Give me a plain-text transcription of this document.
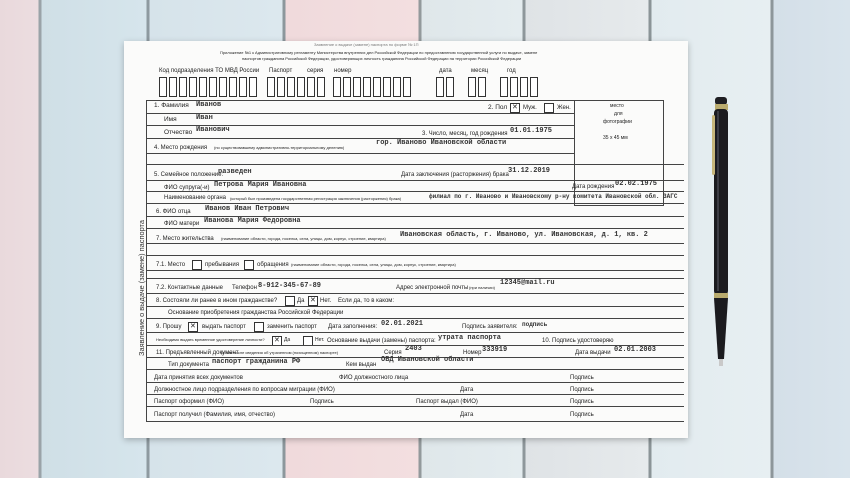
Заявление о выдаче (замене) паспорта по форме № 1П
Приложение №1 к Административному регламенту Министерства внутренних дел Российской Федерации по предоставлению государственной услуги по выдаче, замене
паспортов гражданина Российской Федерации, удостоверяющих личность гражданина Российской Федерации на территории Российской Федерации
Код подразделения ТО МВД России Паспорт серия номер	дата	месяц	год
место
для
фотографии
35 x 45 мм
Заявление о выдаче (замене) паспорта
1. Фамилия Иванов	2. Пол ✕ Муж.	Жен.
Имя	Иван
Отчество Иванович	3. Число, месяц, год рождения 01.01.1975
4. Место рождения (по существовавшему административно-территориальному делению)
гор. Иваново Ивановской области
5. Семейное положение:
разведен	Дата заключения (расторжения) брака 31.12.2019
ФИО супруга(-и) Петрова Мария Ивановна	Дата рождения 02.02.1975
Наименование органа (который был произведена государственная регистрация заключения (расторжения) брака)	филиал по г. Иваново и Ивановскому р-ну комитета Ивановской обл. ЗАГС
6. ФИО отца Иванов Иван Петрович
ФИО матери Иванова Мария Федоровна
7. Место жительства (наименование области, города, поселка, села, улицы, дом, корпус, строение, квартира) Ивановская область, г. Иваново, ул. Ивановская, д. 1, кв. 2
7.1. Место	пребывания	обращения (наименование области, города, поселка, села, улицы, дом, корпус, строение, квартира)
7.2. Контактные данные Телефон 8-912-345-67-89	Адрес электронной почты (при наличии)
12345@mail.ru
8. Состояли ли ранее в ином гражданстве?	Да ✕ Нет. Если да, то в каком:
Основание приобретения гражданства Российской Федерации
9. Прошу ✕ выдать паспорт	заменить паспорт Дата заполнения: 02.01.2021	Подпись заявителя: подпись
Необходимо выдать временное удостоверение личности? ✕ Да	Нет. Основание выдачи (замены) паспорта: утрата паспорта	10. Подпись удостоверяю
11. Предъявленный документ
(в том числе сведения об утраченном (похищенном) паспорте)	Серия 2403	Номер 333919	Дата выдачи 02.01.2003
Тип документа паспорт гражданина РФ	Кем выдан
ОВД Ивановской области
Дата принятия всех документов	ФИО должностного лица	Подпись
Должностное лицо подразделения по вопросам миграции (ФИО)	Дата	Подпись
Паспорт оформил (ФИО)	Подпись	Паспорт выдал (ФИО)	Подпись
Паспорт получил (Фамилия, имя, отчество)	Дата	Подпись
